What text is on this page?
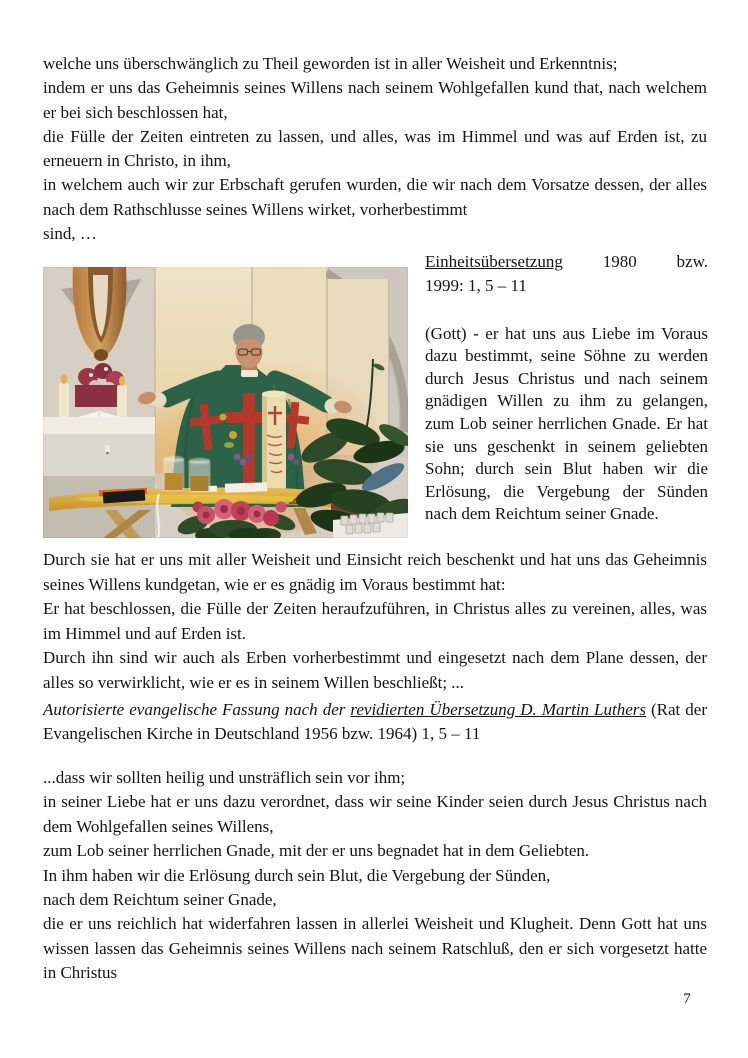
welche uns überschwänglich zu Theil geworden ist in aller Weisheit und Erkenntnis;

indem er uns das Geheimnis seines Willens nach seinem Wohlgefallen kund that, nach welchem er bei sich beschlossen hat,

die Fülle der Zeiten eintreten zu lassen, und alles, was im Himmel und was auf Erden ist, zu erneuern in Christo, in ihm,

in welchem auch wir zur Erbschaft gerufen wurden, die wir nach dem Vorsatze dessen, der alles nach dem Rathschlusse seines Willens wirket, vorherbestimmt

sind, …

Einheitsübersetzung 1980 bzw.
1999: 1, 5 – 11

(Gott) - er hat uns aus Liebe im Voraus dazu bestimmt, seine Söhne zu werden durch Jesus Christus und nach seinem gnädigen Willen zu ihm zu gelangen, zum Lob seiner herrlichen Gnade. Er hat sie uns geschenkt in seinem geliebten Sohn; durch sein Blut haben wir die Erlösung, die Vergebung der Sünden nach dem Reichtum seiner Gnade.

Durch sie hat er uns mit aller Weisheit und Einsicht reich beschenkt und hat uns das Geheimnis seines Willens kundgetan, wie er es gnädig im Voraus bestimmt hat:

Er hat beschlossen, die Fülle der Zeiten heraufzuführen, in Christus alles zu vereinen, alles, was im Himmel und auf Erden ist.

Durch ihn sind wir auch als Erben vorherbestimmt und eingesetzt nach dem Plane dessen, der alles so verwirklicht, wie er es in seinem Willen beschließt; ...

Autorisierte evangelische Fassung nach der revidierten Übersetzung D. Martin Luthers (Rat der Evangelischen Kirche in Deutschland 1956 bzw. 1964) 1, 5 – 11

...dass wir sollten heilig und unsträflich sein vor ihm;

in seiner Liebe hat er uns dazu verordnet, dass wir seine Kinder seien durch Jesus Christus nach dem Wohlgefallen seines Willens,

zum Lob seiner herrlichen Gnade, mit der er uns begnadet hat in dem Geliebten.

In ihm haben wir die Erlösung durch sein Blut, die Vergebung der Sünden,

nach dem Reichtum seiner Gnade,

die er uns reichlich hat widerfahren lassen in allerlei Weisheit und Klugheit. Denn Gott hat uns wissen lassen das Geheimnis seines Willens nach seinem Ratschluß, den er sich vorgesetzt hatte in Christus

7
